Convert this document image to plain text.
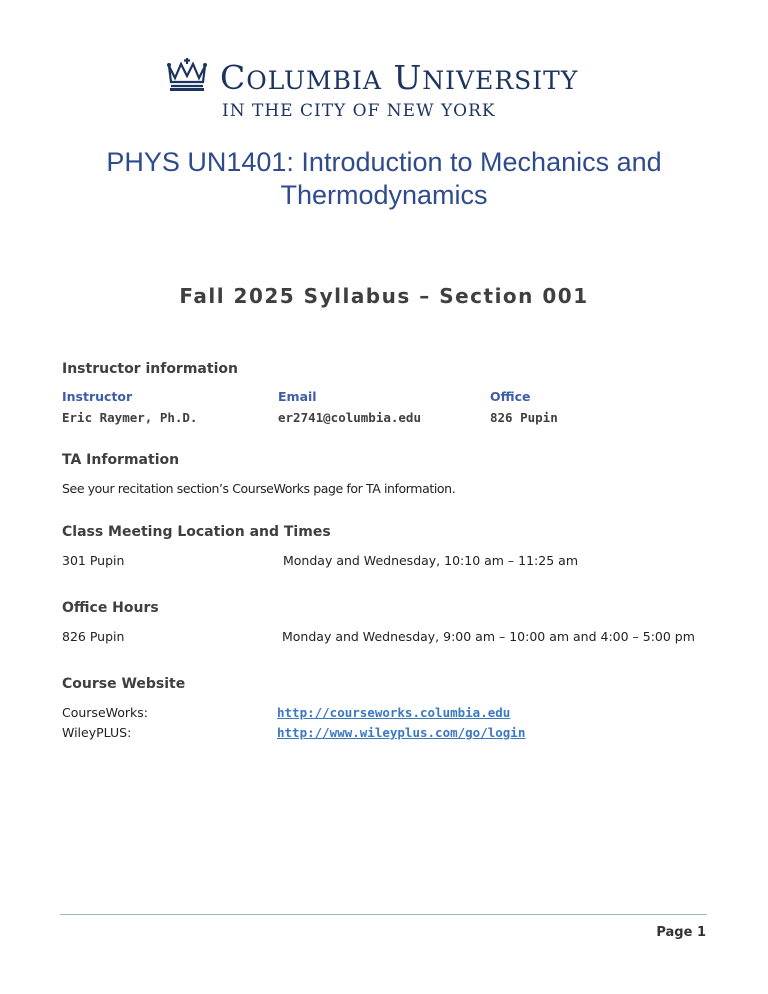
COLUMBIA UNIVERSITY
IN THE CITY OF NEW YORK
PHYS UN1401: Introduction to Mechanics and Thermodynamics
Fall 2025 Syllabus – Section 001
Instructor information
Instructor	Email	Office
Eric Raymer, Ph.D.	er2741@columbia.edu	826 Pupin
TA Information
See your recitation section’s CourseWorks page for TA information.
Class Meeting Location and Times
301 Pupin	Monday and Wednesday, 10:10 am – 11:25 am
Office Hours
826 Pupin	Monday and Wednesday, 9:00 am – 10:00 am and 4:00 – 5:00 pm
Course Website
CourseWorks:	http://courseworks.columbia.edu
WileyPLUS:	http://www.wileyplus.com/go/login
Page 1
